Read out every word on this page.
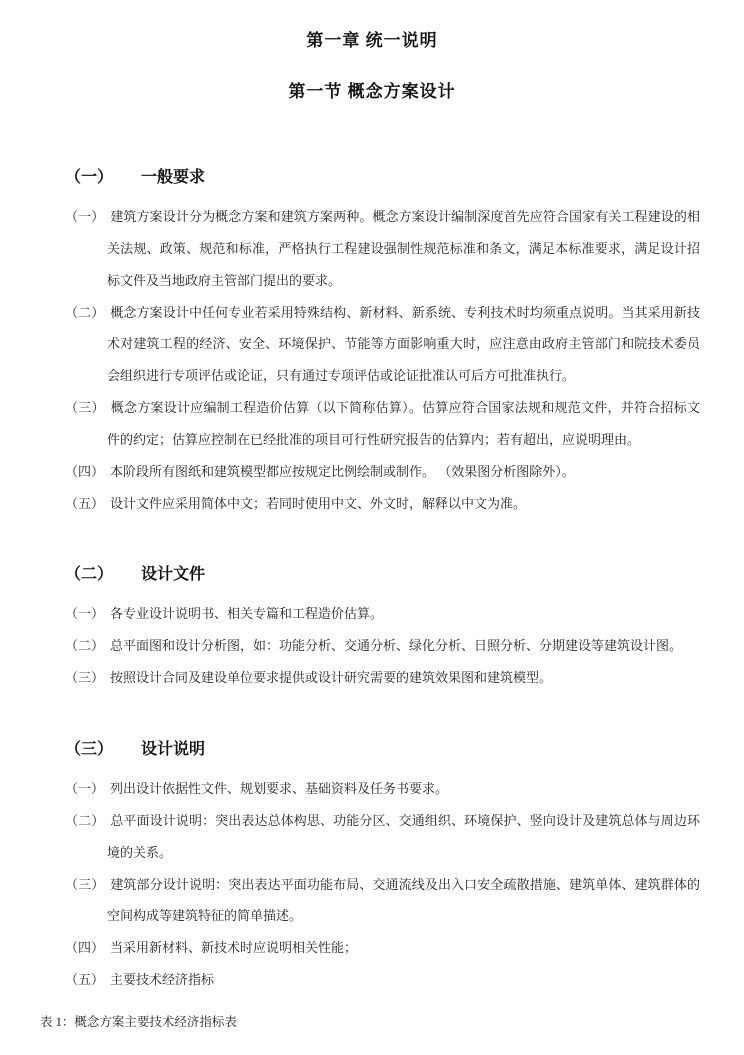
第一章 统一说明
第一节 概念方案设计
（一） 一般要求

（一） 建筑方案设计分为概念方案和建筑方案两种。概念方案设计编制深度首先应符合国家有关工程建设的相关法规、政策、规范和标准，严格执行工程建设强制性规范标准和条文，满足本标准要求，满足设计招标文件及当地政府主管部门提出的要求。

（二） 概念方案设计中任何专业若采用特殊结构、新材料、新系统、专利技术时均须重点说明。当其采用新技术对建筑工程的经济、安全、环境保护、节能等方面影响重大时，应注意由政府主管部门和院技术委员会组织进行专项评估或论证，只有通过专项评估或论证批准认可后方可批准执行。

（三） 概念方案设计应编制工程造价估算（以下简称估算）。估算应符合国家法规和规范文件，并符合招标文件的约定；估算应控制在已经批准的项目可行性研究报告的估算内；若有超出，应说明理由。

（四） 本阶段所有图纸和建筑模型都应按规定比例绘制或制作。 （效果图分析图除外）。

（五） 设计文件应采用简体中文；若同时使用中文、外文时，解释以中文为准。

（二） 设计文件

（一） 各专业设计说明书、相关专篇和工程造价估算。

（二） 总平面图和设计分析图，如：功能分析、交通分析、绿化分析、日照分析、分期建设等建筑设计图。

（三） 按照设计合同及建设单位要求提供或设计研究需要的建筑效果图和建筑模型。

（三） 设计说明

（一） 列出设计依据性文件、规划要求、基础资料及任务书要求。

（二） 总平面设计说明：突出表达总体构思、功能分区、交通组织、环境保护、竖向设计及建筑总体与周边环境的关系。

（三） 建筑部分设计说明：突出表达平面功能布局、交通流线及出入口安全疏散措施、建筑单体、建筑群体的空间构成等建筑特征的简单描述。

（四） 当采用新材料、新技术时应说明相关性能；

（五） 主要技术经济指标

表 1：概念方案主要技术经济指标表
